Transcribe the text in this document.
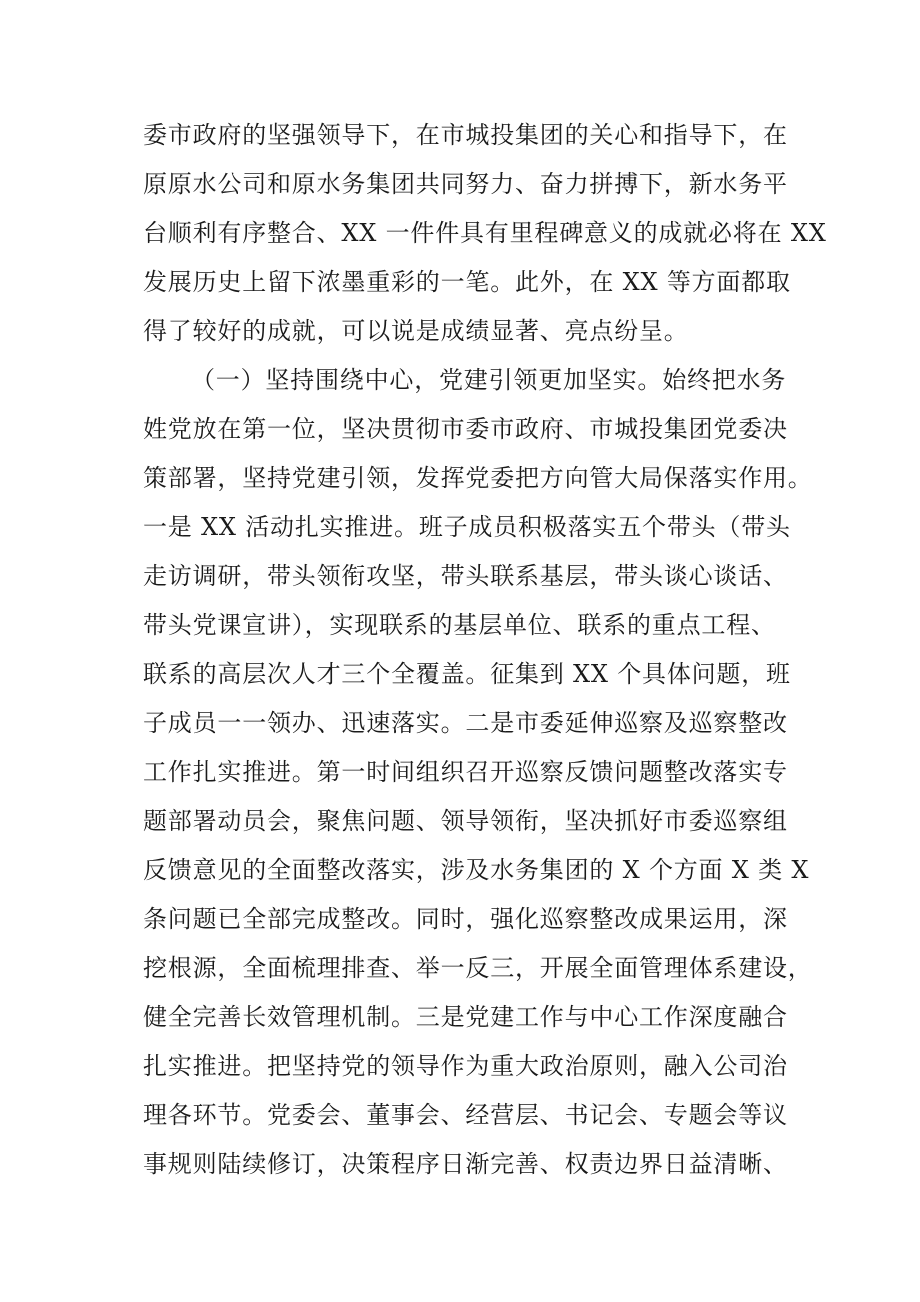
委市政府的坚强领导下，在市城投集团的关心和指导下，在
原原水公司和原水务集团共同努力、奋力拼搏下，新水务平
台顺利有序整合、XX 一件件具有里程碑意义的成就必将在 XX
发展历史上留下浓墨重彩的一笔。此外，在 XX 等方面都取
得了较好的成就，可以说是成绩显著、亮点纷呈。
（一）坚持围绕中心，党建引领更加坚实。始终把水务
姓党放在第一位，坚决贯彻市委市政府、市城投集团党委决
策部署，坚持党建引领，发挥党委把方向管大局保落实作用。
一是 XX 活动扎实推进。班子成员积极落实五个带头（带头
走访调研，带头领衔攻坚，带头联系基层，带头谈心谈话、
带头党课宣讲），实现联系的基层单位、联系的重点工程、
联系的高层次人才三个全覆盖。征集到 XX 个具体问题，班
子成员一一领办、迅速落实。二是市委延伸巡察及巡察整改
工作扎实推进。第一时间组织召开巡察反馈问题整改落实专
题部署动员会，聚焦问题、领导领衔，坚决抓好市委巡察组
反馈意见的全面整改落实，涉及水务集团的 X 个方面 X 类 X
条问题已全部完成整改。同时，强化巡察整改成果运用，深
挖根源，全面梳理排查、举一反三，开展全面管理体系建设，
健全完善长效管理机制。三是党建工作与中心工作深度融合
扎实推进。把坚持党的领导作为重大政治原则，融入公司治
理各环节。党委会、董事会、经营层、书记会、专题会等议
事规则陆续修订，决策程序日渐完善、权责边界日益清晰、
